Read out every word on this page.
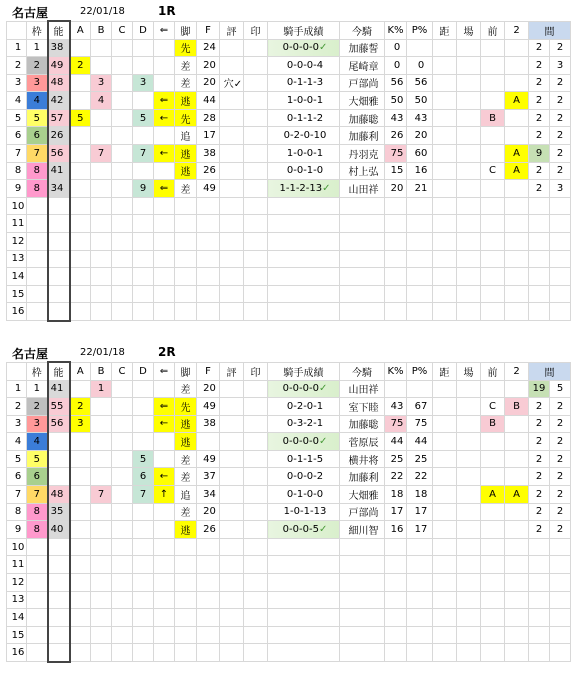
名古屋	22/01/18	1R
	枠	能	A	B	C	D	⇐	脚	F	評	印	騎手成績	今騎	K%	P%	距	場	前	2	間	
1	1	38						先	24			0-0-0-0✓	加藤誓	0						2	2
2	2	49	2					差	20			0-0-0-4	尾崎章	0	0					2	3
3	3	48		3		3		差	20	穴✓		0-1-1-3	戸部尚	56	56					2	2
4	4	42		4			⇐	逃	44			1-0-0-1	大畑雅	50	50				A	2	2
5	5	57	5			5	←	先	28			0-1-1-2	加藤聡	43	43			B		2	2
6	6	26						追	17			0-2-0-10	加藤利	26	20					2	2
7	7	56		7		7	←	逃	38			1-0-0-1	丹羽克	75	60				A	9	2
8	8	41						逃	26			0-0-1-0	村上弘	15	16			C	A	2	2
9	8	34				9	⇐	差	49			1-1-2-13✓	山田祥	20	21					2	3
10																					
11																					
12																					
13																					
14																					
15																					
16																					
名古屋	22/01/18	2R
	枠	能	A	B	C	D	⇐	脚	F	評	印	騎手成績	今騎	K%	P%	距	場	前	2	間	
1	1	41		1				差	20			0-0-0-0✓	山田祥							19	5
2	2	55	2				⇐	先	49			0-2-0-1	室下睦	43	67			C	B	2	2
3	3	56	3				←	逃	38			0-3-2-1	加藤聡	75	75			B		2	2
4	4							逃				0-0-0-0✓	菅原辰	44	44					2	2
5	5					5		差	49			0-1-1-5	横井将	25	25					2	2
6	6					6	←	差	37			0-0-0-2	加藤利	22	22					2	2
7	7	48		7		7	↑	追	34			0-1-0-0	大畑雅	18	18			A	A	2	2
8	8	35						差	20			1-0-1-13	戸部尚	17	17					2	2
9	8	40						逃	26			0-0-0-5✓	細川智	16	17					2	2
10																					
11																					
12																					
13																					
14																					
15																					
16																					
